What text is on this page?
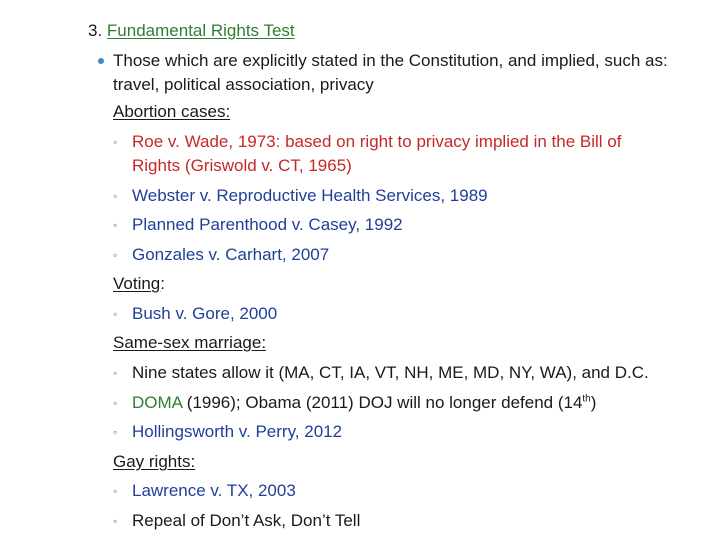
3. Fundamental Rights Test
Those which are explicitly stated in the Constitution, and implied, such as:
travel, political association, privacy
Abortion cases:
◦ Roe v. Wade, 1973: based on right to privacy implied in the Bill of
Rights (Griswold v. CT, 1965)
◦ Webster v. Reproductive Health Services, 1989
◦ Planned Parenthood v. Casey, 1992
◦ Gonzales v. Carhart, 2007
Voting:
◦ Bush v. Gore, 2000
Same-sex marriage:
◦ Nine states allow it (MA, CT, IA, VT, NH, ME, MD, NY, WA), and D.C.
◦ DOMA (1996); Obama (2011) DOJ will no longer defend (14th)
◦ Hollingsworth v. Perry, 2012
Gay rights:
◦ Lawrence v. TX, 2003
◦ Repeal of Don’t Ask, Don’t Tell
